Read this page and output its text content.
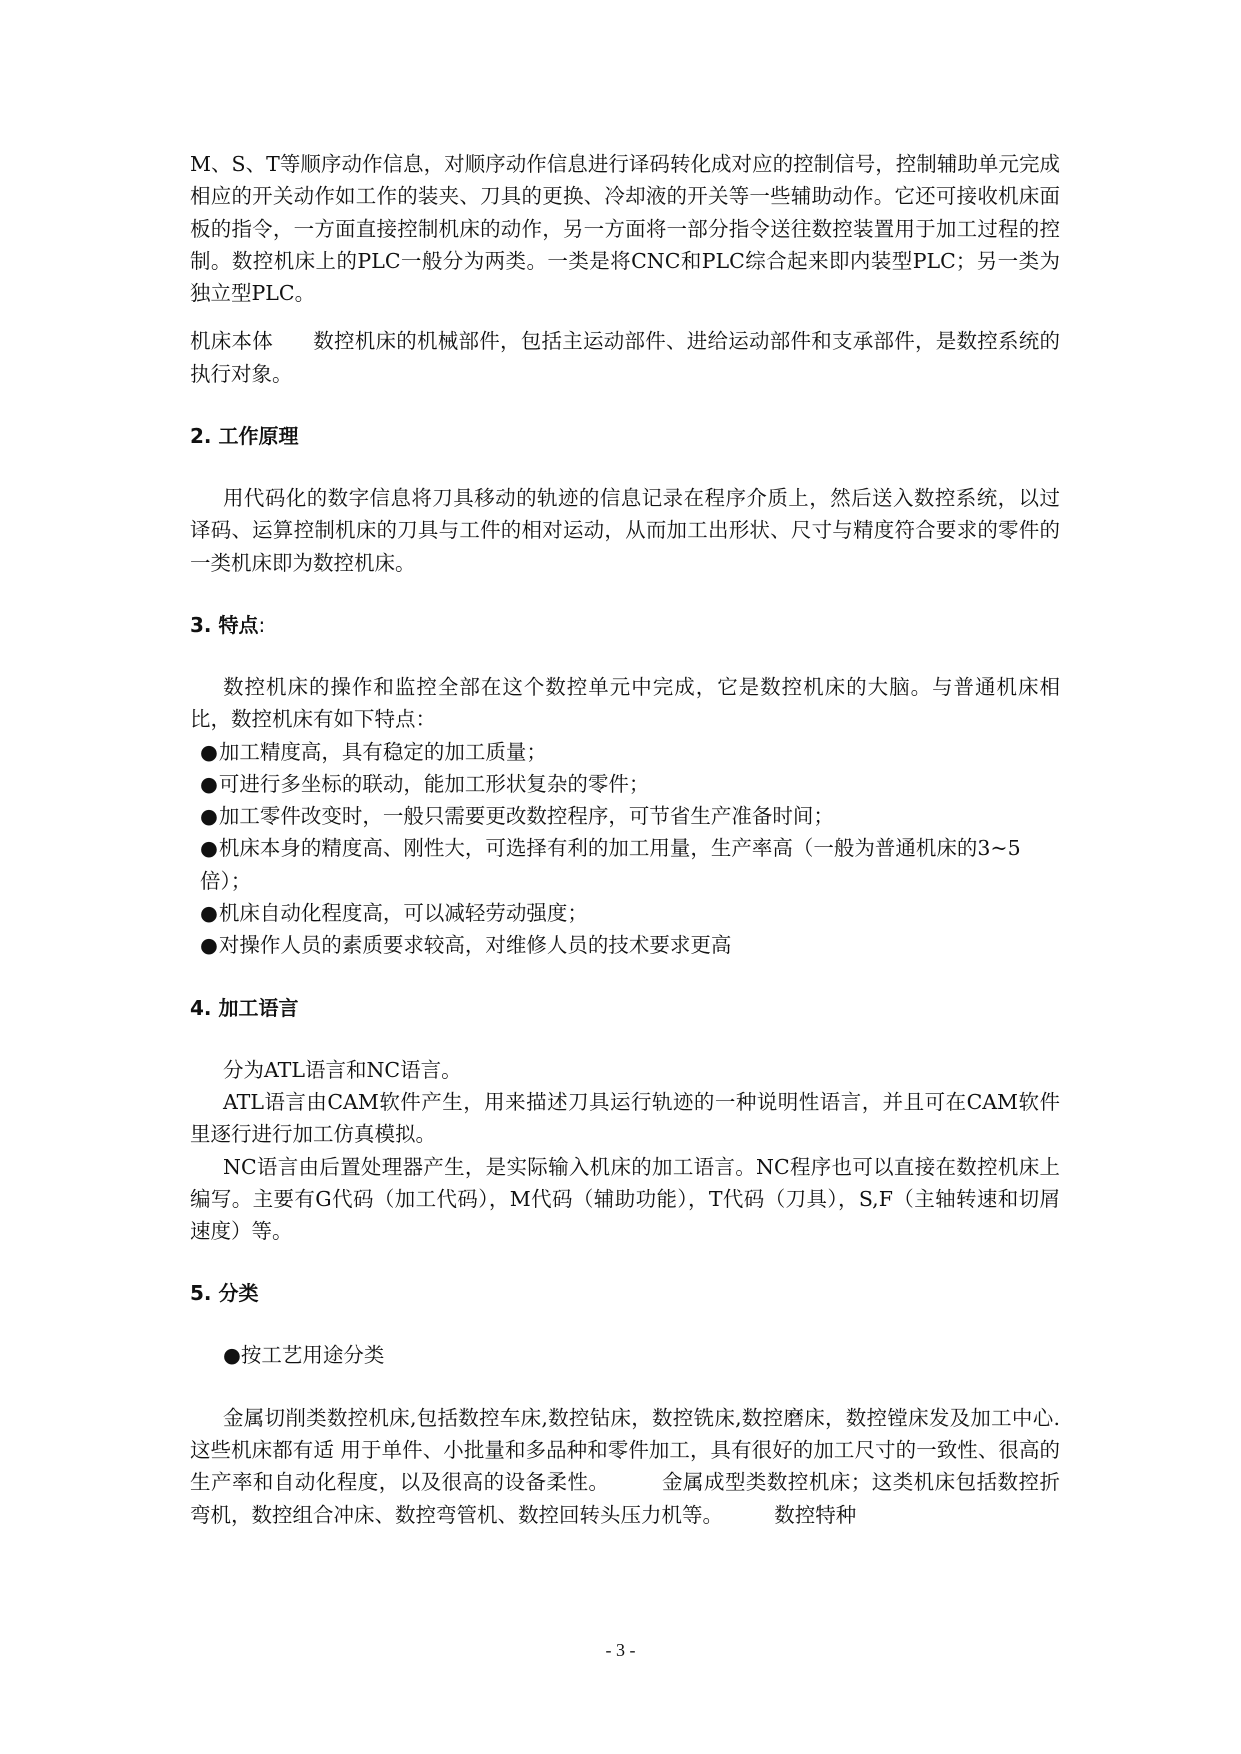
M、S、T等顺序动作信息，对顺序动作信息进行译码转化成对应的控制信号，控制辅助单元完成相应的开关动作如工作的装夹、刀具的更换、冷却液的开关等一些辅助动作。它还可接收机床面板的指令，一方面直接控制机床的动作，另一方面将一部分指令送往数控装置用于加工过程的控制。数控机床上的PLC一般分为两类。一类是将CNC和PLC综合起来即内装型PLC；另一类为独立型PLC。

机床本体 数控机床的机械部件，包括主运动部件、进给运动部件和支承部件，是数控系统的执行对象。

2. 工作原理

用代码化的数字信息将刀具移动的轨迹的信息记录在程序介质上，然后送入数控系统，以过译码、运算控制机床的刀具与工件的相对运动，从而加工出形状、尺寸与精度符合要求的零件的一类机床即为数控机床。

3. 特点:

数控机床的操作和监控全部在这个数控单元中完成，它是数控机床的大脑。与普通机床相比，数控机床有如下特点：

●加工精度高，具有稳定的加工质量；
●可进行多坐标的联动，能加工形状复杂的零件；
●加工零件改变时，一般只需要更改数控程序，可节省生产准备时间；
●机床本身的精度高、刚性大，可选择有利的加工用量，生产率高（一般为普通机床的3~5
倍）；
●机床自动化程度高，可以减轻劳动强度；
●对操作人员的素质要求较高，对维修人员的技术要求更高
4. 加工语言

分为ATL语言和NC语言。

ATL语言由CAM软件产生，用来描述刀具运行轨迹的一种说明性语言，并且可在CAM软件里逐行进行加工仿真模拟。

NC语言由后置处理器产生，是实际输入机床的加工语言。NC程序也可以直接在数控机床上编写。主要有G代码（加工代码），M代码（辅助功能），T代码（刀具），S,F（主轴转速和切屑速度）等。

5. 分类

●按工艺用途分类

金属切削类数控机床,包括数控车床,数控钻床，数控铣床,数控磨床，数控镗床发及加工中心.这些机床都有适 用于单件、小批量和多品种和零件加工，具有很好的加工尺寸的一致性、很高的生产率和自动化程度，以及很高的设备柔性。　　　金属成型类数控机床；这类机床包括数控折弯机，数控组合冲床、数控弯管机、数控回转头压力机等。　　　数控特种

- 3 -
